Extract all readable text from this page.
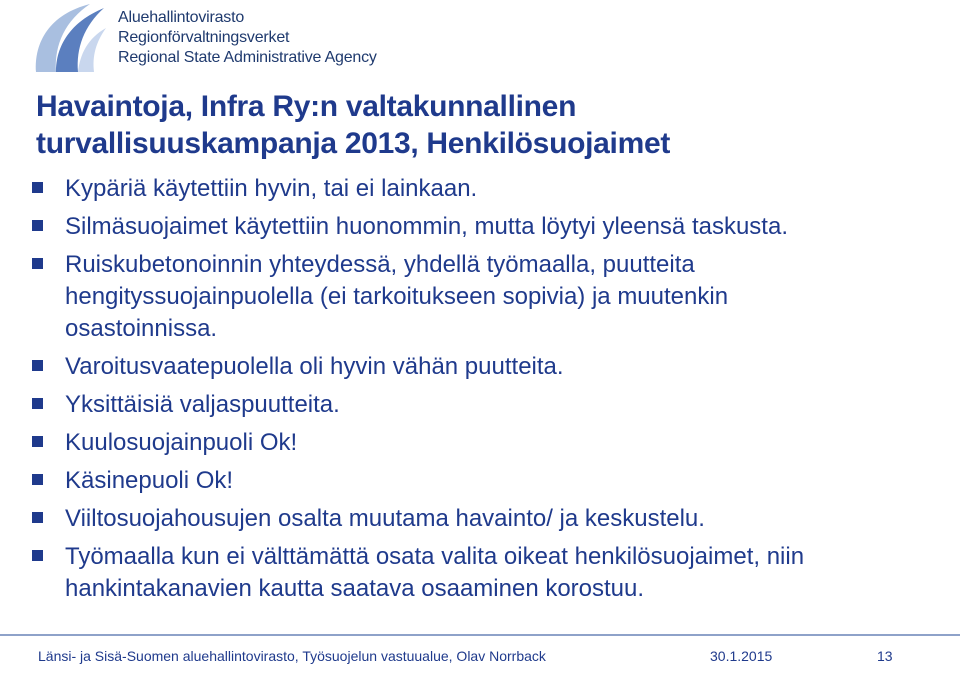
Aluehallintovirasto
Regionförvaltningsverket
Regional State Administrative Agency
Havaintoja, Infra Ry:n valtakunnallinen
turvallisuuskampanja 2013, Henkilösuojaimet
Kypäriä käytettiin hyvin, tai ei lainkaan.
Silmäsuojaimet käytettiin huonommin, mutta löytyi yleensä taskusta.
Ruiskubetonoinnin yhteydessä, yhdellä työmaalla, puutteita
hengityssuojainpuolella (ei tarkoitukseen sopivia) ja muutenkin
osastoinnissa.
Varoitusvaatepuolella oli hyvin vähän puutteita.
Yksittäisiä valjaspuutteita.
Kuulosuojainpuoli Ok!
Käsinepuoli Ok!
Viiltosuojahousujen osalta muutama havainto/ ja keskustelu.
Työmaalla kun ei välttämättä osata valita oikeat henkilösuojaimet, niin
hankintakanavien kautta saatava osaaminen korostuu.
Länsi- ja Sisä-Suomen aluehallintovirasto, Työsuojelun vastuualue, Olav Norrback	30.1.2015	13
